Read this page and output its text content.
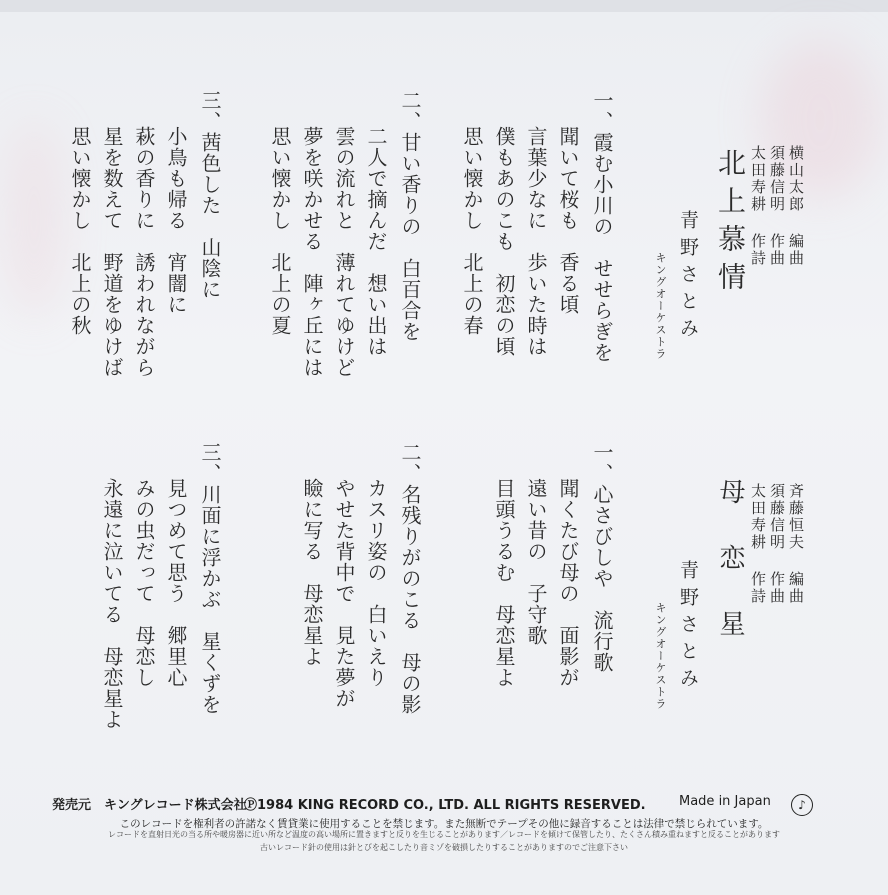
横山太郎 編曲
須藤信明 作曲
太田寿耕 作詩
北上慕情
青野さとみ
キングオーケストラ
一、霞む小川の　せせらぎを
聞いて桜も　香る頃
言葉少なに　歩いた時は
僕もあのこも　初恋の頃
思い懐かし　北上の春
二、甘い香りの　白百合を
二人で摘んだ　想い出は
雲の流れと　薄れてゆけど
夢を咲かせる　陣ヶ丘には
思い懐かし　北上の夏
三、茜色した　山陰に
小鳥も帰る　宵闇に
萩の香りに　誘われながら
星を数えて　野道をゆけば
思い懐かし　北上の秋
斉藤恒夫 編曲
須藤信明 作曲
太田寿耕 作詩
母恋星
青野さとみ
キングオーケストラ
一、心さびしや　流行歌
聞くたび母の　面影が
遠い昔の　子守歌
目頭うるむ　母恋星よ
二、名残りがのこる　母の影
カスリ姿の　白いえり
やせた背中で　見た夢が
瞼に写る　母恋星よ
三、川面に浮かぶ　星くずを
見つめて思う　郷里心
みの虫だって　母恋し
永遠に泣いてる　母恋星よ
発売元　キングレコード株式会社
Ⓟ1984 KING RECORD CO., LTD. ALL RIGHTS RESERVED.	Made in Japan	♪
このレコードを権利者の許諾なく賃貸業に使用することを禁じます。また無断でテープその他に録音することは法律で禁じられています。
レコードを直射日光の当る所や暖房器に近い所など温度の高い場所に置きますと反りを生じることがあります／レコードを傾けて保管したり、たくさん積み重ねますと反ることがあります
古いレコード針の使用は針とびを起こしたり音ミゾを破損したりすることがありますのでご注意下さい
